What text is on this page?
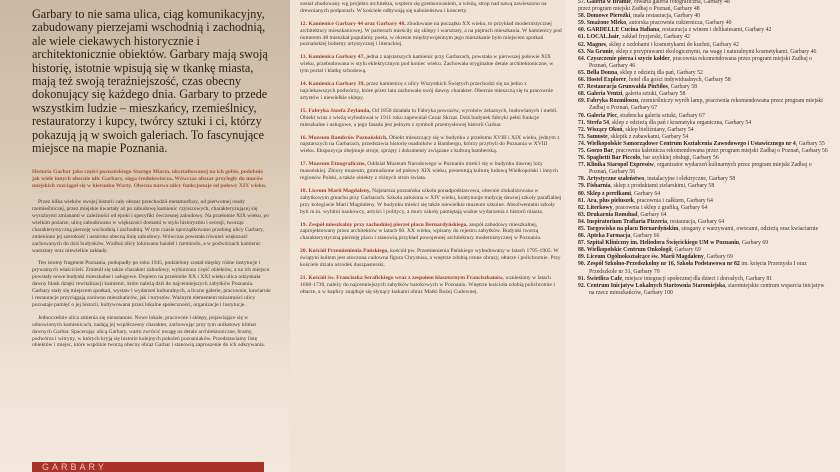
Garbary to nie sama ulica, ciąg komunikacyjny, zabudowany pierzejami wschodnią i zachodnią, ale wiele ciekawych historycznie i architektonicznie obiektów. Garbary mają swoją historię, istotnie wpisują się w tkankę miasta, mają też swoją teraźniejszość, czas obecny dokonujący się każdego dnia. Garbary to przede wszystkim ludzie – mieszkańcy, rzemieślnicy, restauratorzy i kupcy, twórcy sztuki i ci, którzy pokazują ją w swoich galeriach. To fascynujące miejsce na mapie Poznania.

Historia Garbar jako części poznańskiego Starego Miasta, ukształtowanej na ich gobie, podobnie jak wiele innych obecnie ulic Garbary, sięga średniowiecza. Wówczas obszar przyległy do murów miejskich rozciągał się w kierunku Warty. Obecna nazwa ulicy funkcjonuje od połowy XIX wieku.

Przez kilka wieków swojej historii cały obszar przechodził metamorfozy, od pierwotnej osady rzemieślniczej, przez miejskie kwartały aż po zabudowę kamienic czynszowych, charakteryzującej się wyraźnymi zmianami w zależności od epoki i specyfiki ówczesnej zabudowy. Na przełomie XIX wieku, po wielkim pożarze, ulicę zabudowano w większości domami w stylu historyzmu i secesji, tworząc charakterystyczną pierzeję wschodnią i zachodnią. W tym czasie uporządkowano przebieg ulicy Garbary, zmieniono jej szerokość i ustalono obecną linię zabudowy. Wówczas powstała również większość zachowanych do dziś budynków. Wzdłuż ulicy lokowano handel i rzemiosło, a w podwórzach kamienic warsztaty oraz niewielkie zakłady.

Ten istotny fragment Poznania, podupadły po roku 1945, podzielony został między różne instytucje i prywatnych właścicieli. Zmienił się także charakter zabudowy, wyburzono część obiektów, a na ich miejscu powstały nowe budynki mieszkalne i usługowe. Dopiero na przełomie XX i XXI wieku ulica odzyskała dawny blask dzięki rewitalizacji kamienic, które należą dziś do najcenniejszych zabytków Poznania. Garbary stały się miejscem spotkań, wystaw i wydarzeń kulturalnych, a liczne galerie, pracownie, kawiarnie i restauracje przyciągają zarówno mieszkańców, jak i turystów. Ważnym elementem tożsamości ulicy pozostaje pamięć o jej historii, kultywowana przez lokalne społeczności, organizacje i instytucje.

Jednocześnie ulica zmienia się nieustannie. Nowe lokale, pracownie i sklepy, pojawiające się w odnowionych kamienicach, nadają jej współczesny charakter, zachowując przy tym unikatowy klimat dawnych Garbar. Spacerując ulicą Garbary, warto zwrócić uwagę na detale architektoniczne, bramy, podwórza i witryny, w których kryją się historie kolejnych pokoleń poznaniaków. Przedstawiamy listę obiektów i miejsc, które wspólnie tworzą obecny obraz Garbar i stanowią zaproszenie do ich odkrywania.

GARBARY

został zbudowany wg projektu architekta, wspiera się gzemsowaniem, a wieżą, strop nad nawą zawieszono na drewnianych podporach. W kościele odbywają się nabożeństwa i koncerty.

12. Kamienice Garbary 44 oraz Garbary 48, zbudowane na początku XX wieku, to przykład modernistycznej architektury mieszkaniowej. W parterach mieściły się sklepy i warsztaty, a na piętrach mieszkania. W kamienicy pod numerem 48 mieszkał popularny poeta, w okresie międzywojennym jego mieszkanie było miejscem spotkań poznańskiej bohemy artystycznej i literackiej.

13. Kamienica Garbary 47, jedna z najstarszych kamienic przy Garbarach, powstała w pierwszej połowie XIX wieku, przebudowana w stylu eklektycznym pod koniec wieku. Zachowała oryginalne detale architektoniczne, w tym portal i klatkę schodową.

14. Kamienica Garbary 39, przez kamienicę z ulicy Wszystkich Świętych przechodzi się na jedno z najciekawszych podwórzy, które przez lata zachowało swój dawny charakter. Obecnie mieszczą się tu pracownie artystów i niewielkie sklepy.

15. Fabryka Józefa Zeylanda, Od 1850 działała tu Fabryka powozów, wyrobów żelaznych, budowlanych i mebli. Obiekt wraz z wieżą wybudował w 1911 roku zapewniał Cezar Skrzat. Dziś budynek fabryki pełni funkcje mieszkalne i usługowe, a jego fasada jest jednym z symboli przemysłowej historii Garbar.

16. Muzeum Bambrów Poznańskich, Obiekt mieszczący się w budynku z przełomu XVIII i XIX wieku, jednym z najstarszych na Garbarach, przedstawia historię osadników z Bambergu, którzy przybyli do Poznania w XVIII wieku. Ekspozycja obejmuje stroje, sprzęty i dokumenty związane z kulturą bamberską.

17. Muzeum Etnograficzne, Oddział Muzeum Narodowego w Poznaniu mieści się w budynku dawnej loży masońskiej. Zbiory muzeum, gromadzone od połowy XIX wieku, prezentują kulturę ludową Wielkopolski i innych regionów Polski, a także obiekty z różnych stron świata.

18. Liceum Marii Magdaleny, Najstarsza poznańska szkoła ponadpodstawowa, obecnie zlokalizowana w zabytkowym gmachu przy Garbarach. Szkoła założona w XIV wieku, kontynuuje tradycję dawnej szkoły parafialnej przy kolegiacie Marii Magdaleny. W budynku mieści się także niewielkie muzeum szkolne. Absolwentami szkoły byli m.in. wybitni naukowcy, artyści i politycy, a mury szkoły pamiętają ważne wydarzenia z historii miasta.

19. Zespół mieszkalny przy zachodniej pierzei placu Bernardyńskiego, zespół zabudowy mieszkalnej, zaprojektowany przez architektów w latach 60. XX wieku, wpisany do rejestru zabytków. Budynki tworzą charakterystyczną pierzeję placu i stanowią przykład powojennej architektury modernistycznej w Poznaniu.

20. Kościół Przemienienia Pańskiego, kościół pw. Przemienienia Pańskiego wybudowany w latach 1795-1905. W świątyni kultem jest otoczona cudowna figura Chrystusa, a wnętrze zdobią cenne obrazy, ołtarze i polichromie. Przy kościele działa ośrodek duszpasterski.

21. Kościół św. Franciszka Serafickiego wraz z zespołem klasztornym Franciszkanów, wzniesiony w latach 1668-1730, należy do najcenniejszych zabytków barokowych w Poznaniu. Wnętrze kościoła zdobią polichromie i ołtarze, a w kaplicy znajduje się słynący łaskami obraz Matki Bożej Cudownej.

57. Galeria w Bramie, otwarta galeria fotograficzna, Garbary 48
przez program miejski Zadbaj o Poznań, Garbary 48
58. Domowe Pierożki, mała restauracja, Garbary 40
59. Smażone Mleko, autorska pracownia cukiernicza, Garbary 40
60. GARDELLE Cucina Italiana, restauracja z winem i delikatesami, Garbary 42
61. LOCAL.hair, zakład fryzjerski, Garbary 42
62. Magnes, sklep z ozdobami i kosmetykami do kuchni, Garbary 42
63. Na Grunie, sklep z przyprawami ekologicznymi, na wagę i naturalnymi kosmetykami, Garbary 46
64. Czyszczenie pierza i szycie kołder, pracownia rekomendowana przez program miejski Zadbaj o Poznań, Garbary 46
65. Bella Donna, sklep z odzieżą dla pań, Garbary 52
66. Hostel Explorer, hotel dla gości indywidualnych, Garbary 58
67. Restauracja Grunwalda PinSilos, Garbary 58
68. Galeria Ventzi, galeria sztuki, Garbary 58
69. Fabryka Rozmiloszu, rzemieślniczy wyrób lamp, pracownia rekomendowana przez program miejski Zadbaj o Poznań, Garbary 67
70. Galeria Piec, studencka galeria sztuki, Garbary 67
71. Strefa 54, sklep z odzieżą dla pań i kosmetyka organiczna, Garbary 54
72. Wiszący Okoń, sklep bieliźniany, Garbary 54
73. Samuste, sklepik z zabawkami, Garbary 54
74. Wielkopolskie Samorządowe Centrum Kształcenia Zawodowego i Ustawicznego nr 4, Garbary 55
75. Gorzo Bar, pracownia kaletnicza rekomendowana przez program miejski Zadbaj o Poznań, Garbary 56
76. Spaghetti Bar Piccolo, bar szybkiej obsługi, Garbary 56
77. Klinika Staropol Expresów, organizator wydarzeń kulinarnych przez program miejski Zadbaj o Poznań, Garbary 56
78. Artystyczne szaleństwo, instalacyjne i elektryczne, Garbary 58
79. Fisharnia, sklep z produktami zielarskimi, Garbary 58
80. Sklep z perełkami, Garbary 64
81. Ara, plus pieluszek, pracownia i całkiem, Garbary 64
82. Literkowy, pracownia i sklep z grafiką, Garbary 64
83. Drukarnia Romdual, Garbary 64
84. Inspiratorium Trafiaria Pizzeria, restauracja, Garbary 64
85. Targowisko na placu Bernardyńskim, stragany z warzywami, owocami, odzieżą oraz kwiaciarnie
86. Apteka Farmacja, Garbary 66
87. Szpital Kliniczny im. Heliodora Święcickiego UM w Poznaniu, Garbary 69
88. Wielkopolskie Centrum Onkologii, Garbary 69
89. Liceum Ogólnokształcące św. Marii Magdaleny, Garbary 69
90. Zespół Szkolno-Przedszkolny nr 16, Szkoła Podstawowa nr 82 im. księcia Przemysła I oraz Przedszkole nr 31, Garbary 79
91. Świetlica Cafe, miejsce integracji społecznej dla dzieci i dorosłych, Garbary 81
92. Centrum Inicjatyw Lokalnych Startownia Staromiejska, staromiejskie centrum wsparcia inicjatyw na rzecz mieszkańców, Garbary 100
